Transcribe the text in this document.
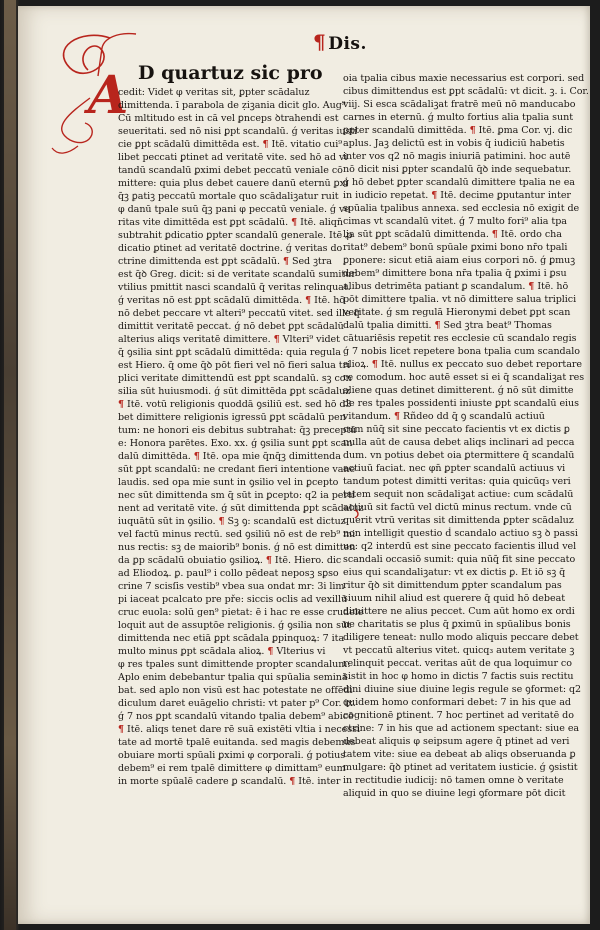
¶ Dis.
A D quartuz sic pro
cedit: Videt φ veritas sit, ꝑpter scādaluz
dimittenda. ī parabola de ẓiꝫania dicit glo. Aug⁹
Cū mltitudo est in cā vel ꝑnceps ꝺtrahendi est
seueritati. sed nō nisi ꝑpt scandalū. ǵ veritas iusti
cie ꝑpt scādalū dimittēda est. ¶ Itē. vitatio cui⁹
libet peccati ꝑtinet ad veritatē vite. sed hō ad vi
tandū scandalū ꝑximi debet peccatū veniale cō
mittere: quia plus debet cauere danū eternū ꝑxi
q̄ꝫ ꝑatiꝫ peccatū mortale quo scādaliꝫatur ruit
φ danū tpale suū q̄ꝫ pani φ peccatū veniale. ǵ ve
ritas vite dimittēda est ꝑpt scādalū. ¶ Itē. aliqn̄
subtrahit ꝑdicatio ꝑpter scandalū generale. Itē ꝓ
dicatio ꝑtinet ad veritatē doctrine. ǵ veritas do
ctrine dimittenda est ꝑpt scādalū. ¶ Sed ꝫtra
est q̄ꝺ Greg. dicit: si de veritate scandalū sumitur
vtilius pmittit nasci scandalū q̄ veritas relinquat.
ǵ veritas nō est ꝑpt scādalū dimittēda. ¶ Itē. hō
nō debet peccare vt alteri⁹ peccatū vitet. sed ille q̄
dimittit veritatē peccat. ǵ nō debet ꝑpt scādalū
alterius aliqs veritatē dimittere. ¶ Vlteri⁹ videt
q̄ ꝯsilia sint ꝑpt scādalū dimittēda: quia regula
est Hiero. q̄ ome q̄ꝺ pōt fieri vel nō fieri salua tri
plici veritate dimittendū est ꝑpt scandalū. sꝫ con
silia sūt huiusmodi. ǵ sūt dimittēda ꝑpt scādaluz
¶ Itē. votū religionis quoddā ꝯsiliū est. sed hō d3
bet dimittere religionis igressū ꝑpt scādalū pen
tum: ne honori eis debitus subtrahat: q̄ꝫ preceptū
e: Honora parētes. Exo. xx. ǵ ꝯsilia sunt ꝑpt scan
dalū dimittēda. ¶ Itē. opa mie q̄nq̄ꝫ dimittenda
sūt ꝑpt scandalū: ne credant fieri intentione vane
laudis. sed opa mie sunt in ꝯsilio vel in ꝑcepto
nec sūt dimittenda sm q̄ sūt in ꝑcepto: q2 ia perti
nent ad veritatē vite. ǵ sūt dimittenda ꝑpt scādaluz
iuquātū sūt in ꝯsilio. ¶ Sꝫ ꝯ: scandalū est dictuz
vel factū minus rectū. sed ꝯsiliū nō est de reb⁹ mi
nus rectis: sꝫ de maiorib⁹ bonis. ǵ nō est dimitten
da ꝑp scādalū obuiatio ꝯsilioꝝ. ¶ Itē. Hiero. dic
ad Eliodoꝝ. ꝑ. paul⁹ i collo pēdeat neposꝫ sꝑso
crine 7 scisſis vestib⁹ vbea sua ondat mr: 3i lim
pi iaceat pcalcato pre pře: siccis oclis ad vexillū
cruc euola: solū gen⁹ pietat: ē i hac re esse crudele
loquit aut de assuptōe religionis. ǵ ꝯsilia non sūt
dimittenda nec etiā ꝑpt scādala ꝑpinquoꝝ: 7 ita
multo minus ꝑpt scādala alioꝝ. ¶ Vlterius vi
φ res tpales sunt dimittende propter scandalum:
Aplo enim debebantur tpalia qui spūalia seminā
bat. sed aplo non visū est hac potestate ne offēdi
diculum daret euāgelio christi: vt pater p⁹ Cor. ix.
ǵ 7 nos ꝑpt scandalū vitando tpalia debem⁹ abicē
¶ Itē. aliqs tenet dare rē suā existēti vltia i necessi
tate ad mortē tpalē euitanda. sed magis debemus
obuiare morti spūali ꝑximi φ corporali. ǵ potius
debem⁹ ei rem tpalē dimittere φ dimittam⁹ eum
in morte spūalē cadere ꝑ scandalū. ¶ Itē. inter
oia tpalia cibus maxie necessarius est corpori. sed
cibus dimittendus est ꝑpt scādalū: vt dicit. ꝫ. i. Cor.
viij. Si esca scādaliꝫat fratrē meū nō manducabo
carnes in eternū. ǵ multo fortius alia tpalia sunt
ꝑpter scandalū dimittēda. ¶ Itē. ꝑma Cor. vj. dic
aplus. Jaꝫ delictū est in vobis q̄ iudiciū habetis
inter vos q2 nō magis iniuriā patimini. hoc autē
nō dicit nisi ꝑpter scandalū q̄ꝺ inde sequebatur.
ǵ hō debet ꝑpter scandalū dimittere tpalia ne ea
in iudicio repetat. ¶ Itē. decime ꝑputantur inter
spūalia tpalibus annexa. sed ecclesia nō exigit de
cimas vt scandalū vitet. ǵ 7 multo fori⁹ alia tpa
lia sūt ꝑpt scādalū dimittenda. ¶ Itē. ordo cha
ritat⁹ debem⁹ bonū spūale ꝑximi bono nr̄o tpali
ꝑponere: sicut etiā aiam eius corpori nō. ǵ ꝑmuꝫ
debem⁹ dimittere bona nr̄a tpalia q̄ ꝑximi i ꝑsu
alibus detrimēta patiant ꝑ scandalum. ¶ Itē. hō
pōt dimittere tpalia. vt nō dimittere salua triplici
veritate. ǵ sm regulā Hieronymi debet ꝑpt scan
dalū tpalia dimitti. ¶ Sed ꝫtra beat⁹ Thomas
cātuariēsis repetit res ecclesie cū scandalo regis
ǵ 7 nobis licet repetere bona tpalia cum scandalo
alioꝝ. ¶ Itē. nullus ex peccato suo debet reportare
re comodum. hoc autē esset si ei q̄ scandaliꝫat res
aliene quas detinet dimitterent. ǵ nō sūt dimitte
de res tpales possidenti iniuste ꝑpt scandalū eius
vitandum. ¶ Rñdeo dd q̄ ꝯ scandalū actiuū
cum nūq̄ sit sine peccato facientis vt ex dictis ꝑ
nulla aūt de causa debet aliqs inclinari ad pecca
dum. vn potius debet oia ꝑtermittere q̄ scandalū
actiuū faciat. nec φn̄ ꝑpter scandalū actiuus vi
tandum potest dimitti veritas: quia quicūq₃ veri
tatem sequit non scādaliꝫat actiue: cum scādalū
actiuū sit factū vel dictū minus rectum. vnde cū
querit vtrū veritas sit dimittenda ꝑpter scādaluz
non intelligit questio ḋ scandalo actiuo sꝫ ꝺ passi
uo: q2 interdū est sine peccato facientis illud vel
scandali occasiō sumit: quia nūq̄ fit sine peccato
eius qui scandaliꝫatur: vt ex dictis ꝑ. Et iō sꝫ q̄
ritur q̄ꝺ sit dimittendum ꝑpter scandalum pas
siuum nihil aliud est querere q̄ quid hō debeat
dimittere ne alius peccet. Cum aūt homo ex ordi
ne charitatis se plus q̄ ꝑximū in spūalibus bonis
diligere teneat: nullo modo aliquis peccare debet
vt peccatū alterius vitet. quicq₃ autem veritate ꝫ
relinquit peccat. veritas aūt de qua loquimur co
sistit in hoc φ homo in dictis 7 factis suis rectitu
dini diuine siue diuine legis regule se ꝯformet: q2
quidem homo conformari debet: 7 in his que ad
cognitionē ꝑtinent. 7 hoc pertinet ad veritatē do
ctrine: 7 in his que ad actionem spectant: siue ea
debeat aliquis φ seipsum agere q̄ ptinet ad veri
tatem vite: siue ea debeat ab aliqs obseruanda ꝑ
mulgare: q̄ꝺ ptinet ad veritatem iusticie. ǵ ꝯsistit
in rectitudie iudicij: nō tamen omne ꝺ veritate
aliquid in quo se diuine legi ꝯformare pōt dicit
